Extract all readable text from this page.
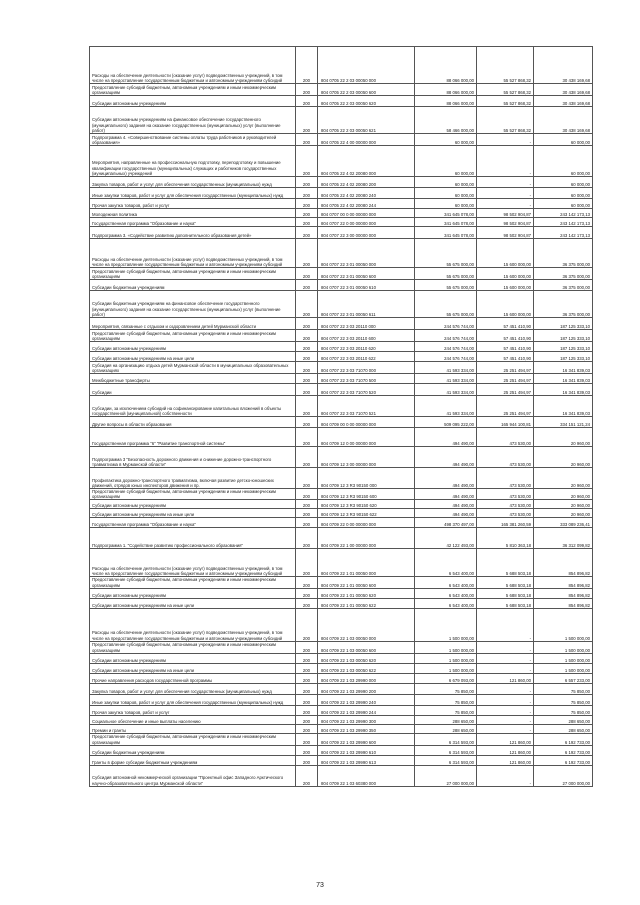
Расходы на обеспечение деятельности (оказание услуг) подведомственных учреждений, в том числе на предоставление государственным бюджетным и автономным учреждениям субсидий	200	804 0705 22 2 03 00050 000	88 066 000,00	55 527 868,32	30 438 169,68
Предоставление субсидий бюджетным, автономным учреждениям и иным некоммерческим организациям	200	804 0705 22 2 03 00050 600	88 066 000,00	55 527 868,32	30 438 169,68
Субсидии автономным учреждениям	200	804 0705 22 2 03 00050 620	88 066 000,00	55 527 868,32	30 438 169,68
Субсидии автономным учреждениям на финансовое обеспечение государственного (муниципального) задания на оказание государственных (муниципальных) услуг (выполнение работ)	200	804 0705 22 2 03 00050 621	58 466 000,00	55 527 868,32	30 438 169,68
Подпрограмма 4. «Совершенствование системы оплаты труда работников и руководителей образования»	200	804 0705 22 4 00 00000 000	60 000,00	-	60 000,00
Мероприятия, направленные на профессиональную подготовку, переподготовку и повышение квалификации государственных (муниципальных) служащих и работников государственных (муниципальных) учреждений	200	804 0705 22 4 02 20080 000	60 000,00	-	60 000,00
Закупка товаров, работ и услуг для обеспечения государственных (муниципальных) нужд	200	804 0705 22 4 02 20080 200	60 000,00	-	60 000,00
Иные закупки товаров, работ и услуг для обеспечения государственных (муниципальных) нужд	200	804 0705 22 4 02 20080 240	60 000,00	-	60 000,00
Прочая закупка товаров, работ и услуг	200	804 0705 22 4 02 20080 244	60 000,00	-	60 000,00
Молодежная политика	200	804 0707 00 0 00 00000 000	341 645 078,00	98 502 904,87	243 142 173,13
Государственная программа "Образование и наука"	200	804 0707 22 0 00 00000 000	341 645 078,00	98 502 904,87	243 142 173,13
Подпрограмма 3. «Содействие развитию дополнительного образования детей»	200	804 0707 22 3 00 00000 000	341 645 078,00	98 502 904,87	243 142 173,13
Расходы на обеспечение деятельности (оказание услуг) подведомственных учреждений, в том числе на предоставление государственным бюджетным и автономным учреждениям субсидий	200	804 0707 22 3 01 00050 000	55 675 000,00	15 600 000,00	36 375 000,00
Предоставление субсидий бюджетным, автономным учреждениям и иным некоммерческим организациям	200	804 0707 22 3 01 00050 600	55 675 000,00	15 600 000,00	36 375 000,00
Субсидии бюджетным учреждениям	200	804 0707 22 3 01 00050 610	55 675 000,00	15 600 000,00	36 375 000,00
Субсидии бюджетным учреждениям на финансовое обеспечение государственного (муниципального) задания на оказание государственных (муниципальных) услуг (выполнение работ)	200	804 0707 22 3 01 00050 611	55 675 000,00	15 600 000,00	36 375 000,00
Мероприятия, связанные с отдыхом и оздоровлением детей Мурманской области	200	804 0707 22 3 03 20110 000	244 576 744,00	57 451 410,90	187 125 333,10
Предоставление субсидий бюджетным, автономным учреждениям и иным некоммерческим организациям	200	804 0707 22 3 03 20110 600	244 576 744,00	57 451 410,90	187 125 333,10
Субсидии автономным учреждениям	200	804 0707 22 3 03 20110 620	244 576 744,00	57 451 410,90	187 125 333,10
Субсидии автономным учреждениям на иные цели	200	804 0707 22 3 03 20110 622	244 576 744,00	57 451 410,90	187 125 333,10
Субсидия на организацию отдыха детей Мурманской области в муниципальных образовательных организациях	200	804 0707 22 3 03 71070 000	41 593 334,00	25 251 494,97	16 341 839,03
Межбюджетные трансферты	200	804 0707 22 3 03 71070 500	41 593 334,00	25 251 494,97	16 341 839,03
Субсидии	200	804 0707 22 3 03 71070 520	41 593 334,00	25 251 494,97	16 341 839,03
Субсидии, за исключением субсидий на софинансирование капитальных вложений в объекты государственной (муниципальной) собственности	200	804 0707 22 3 03 71070 521	41 593 334,00	25 251 494,97	16 341 839,03
Другие вопросы в области образования	200	804 0709 00 0 00 00000 000	509 095 222,00	165 944 100,81	334 151 121,24
Государственная программа "6" "Развитие транспортной системы"	200	804 0709 12 0 00 00000 000	494 490,00	473 530,00	20 960,00
Подпрограмма 3 "Безопасность дорожного движения и снижение дорожно-транспортного травматизма в Мурманской области"	200	804 0709 12 3 00 00000 000	494 490,00	473 530,00	20 960,00
Профилактика дорожно-транспортного травматизма, включая развитие детско-юношеских движений, отрядов юных инспекторов движения и пр.	200	804 0709 12 3 R3 90150 000	494 490,00	473 530,00	20 960,00
Предоставление субсидий бюджетным, автономным учреждениям и иным некоммерческим организациям	200	804 0709 12 3 R3 90150 600	494 490,00	473 530,00	20 960,00
Субсидии автономным учреждениям	200	804 0709 12 3 R3 90150 620	494 490,00	473 530,00	20 960,00
Субсидии автономным учреждениям на иные цели	200	804 0709 12 3 R3 90150 622	494 490,00	473 530,00	20 960,00
Государственная программа "Образование и наука"	200	804 0709 22 0 00 00000 000	498 370 497,00	165 381 260,59	333 089 236,41
Подпрограмма 1. "Содействие развитию профессионального образования"	200	804 0709 22 1 00 00000 000	42 122 493,00	5 810 363,18	36 312 099,82
Расходы на обеспечение деятельности (оказание услуг) подведомственных учреждений, в том числе на предоставление государственным бюджетным и автономным учреждениям субсидий	200	804 0709 22 1 01 00050 000	6 543 400,00	5 688 503,18	854 896,82
Предоставление субсидий бюджетным, автономным учреждениям и иным некоммерческим организациям	200	804 0709 22 1 01 00050 600	6 543 400,00	5 688 503,18	854 896,82
Субсидии автономным учреждениям	200	804 0709 22 1 01 00050 620	6 543 400,00	5 688 503,18	854 896,82
Субсидии автономным учреждениям на иные цели	200	804 0709 22 1 01 00050 622	6 543 400,00	5 688 503,18	854 896,82
Расходы на обеспечение деятельности (оказание услуг) подведомственных учреждений, в том числе на предоставление государственным бюджетным и автономным учреждениям субсидий	200	804 0709 22 1 03 00050 000	1 500 000,00	-	1 500 000,00
Предоставление субсидий бюджетным, автономным учреждениям и иным некоммерческим организациям	200	804 0709 22 1 03 00050 600	1 500 000,00	-	1 500 000,00
Субсидии автономным учреждениям	200	804 0709 22 1 03 00050 620	1 500 000,00	-	1 500 000,00
Субсидии автономным учреждениям на иные цели	200	804 0709 22 1 03 00050 622	1 500 000,00	-	1 500 000,00
Прочие направления расходов государственной программы	200	804 0709 22 1 03 29990 000	6 679 093,00	121 860,00	6 557 233,00
Закупка товаров, работ и услуг для обеспечения государственных (муниципальных) нужд	200	804 0709 22 1 03 29990 200	75 850,00	-	75 850,00
Иные закупки товаров, работ и услуг для обеспечения государственных (муниципальных) нужд	200	804 0709 22 1 03 29990 240	75 850,00	-	75 850,00
Прочая закупка товаров, работ и услуг	200	804 0709 22 1 03 29990 244	75 850,00	-	75 850,00
Социальное обеспечение и иные выплаты населению	200	804 0709 22 1 03 29990 300	288 650,00	-	288 650,00
Премии и гранты	200	804 0709 22 1 03 29990 350	288 650,00	-	288 650,00
Предоставление субсидий бюджетным, автономным учреждениям и иным некоммерческим организациям	200	804 0709 22 1 03 29990 600	6 314 593,00	121 860,00	6 192 733,00
Субсидии бюджетным учреждениям	200	804 0709 22 1 03 29990 610	6 314 593,00	121 860,00	6 192 733,00
Гранты в форме субсидии бюджетным учреждениям	200	804 0709 22 1 03 29990 613	6 314 593,00	121 860,00	6 192 733,00
Субсидия автономной некоммерческой организации "Проектный офис Западного Арктического научно-образовательного центра Мурманской области"	200	804 0709 22 1 03 60380 000	27 000 000,00	-	27 000 000,00
73
